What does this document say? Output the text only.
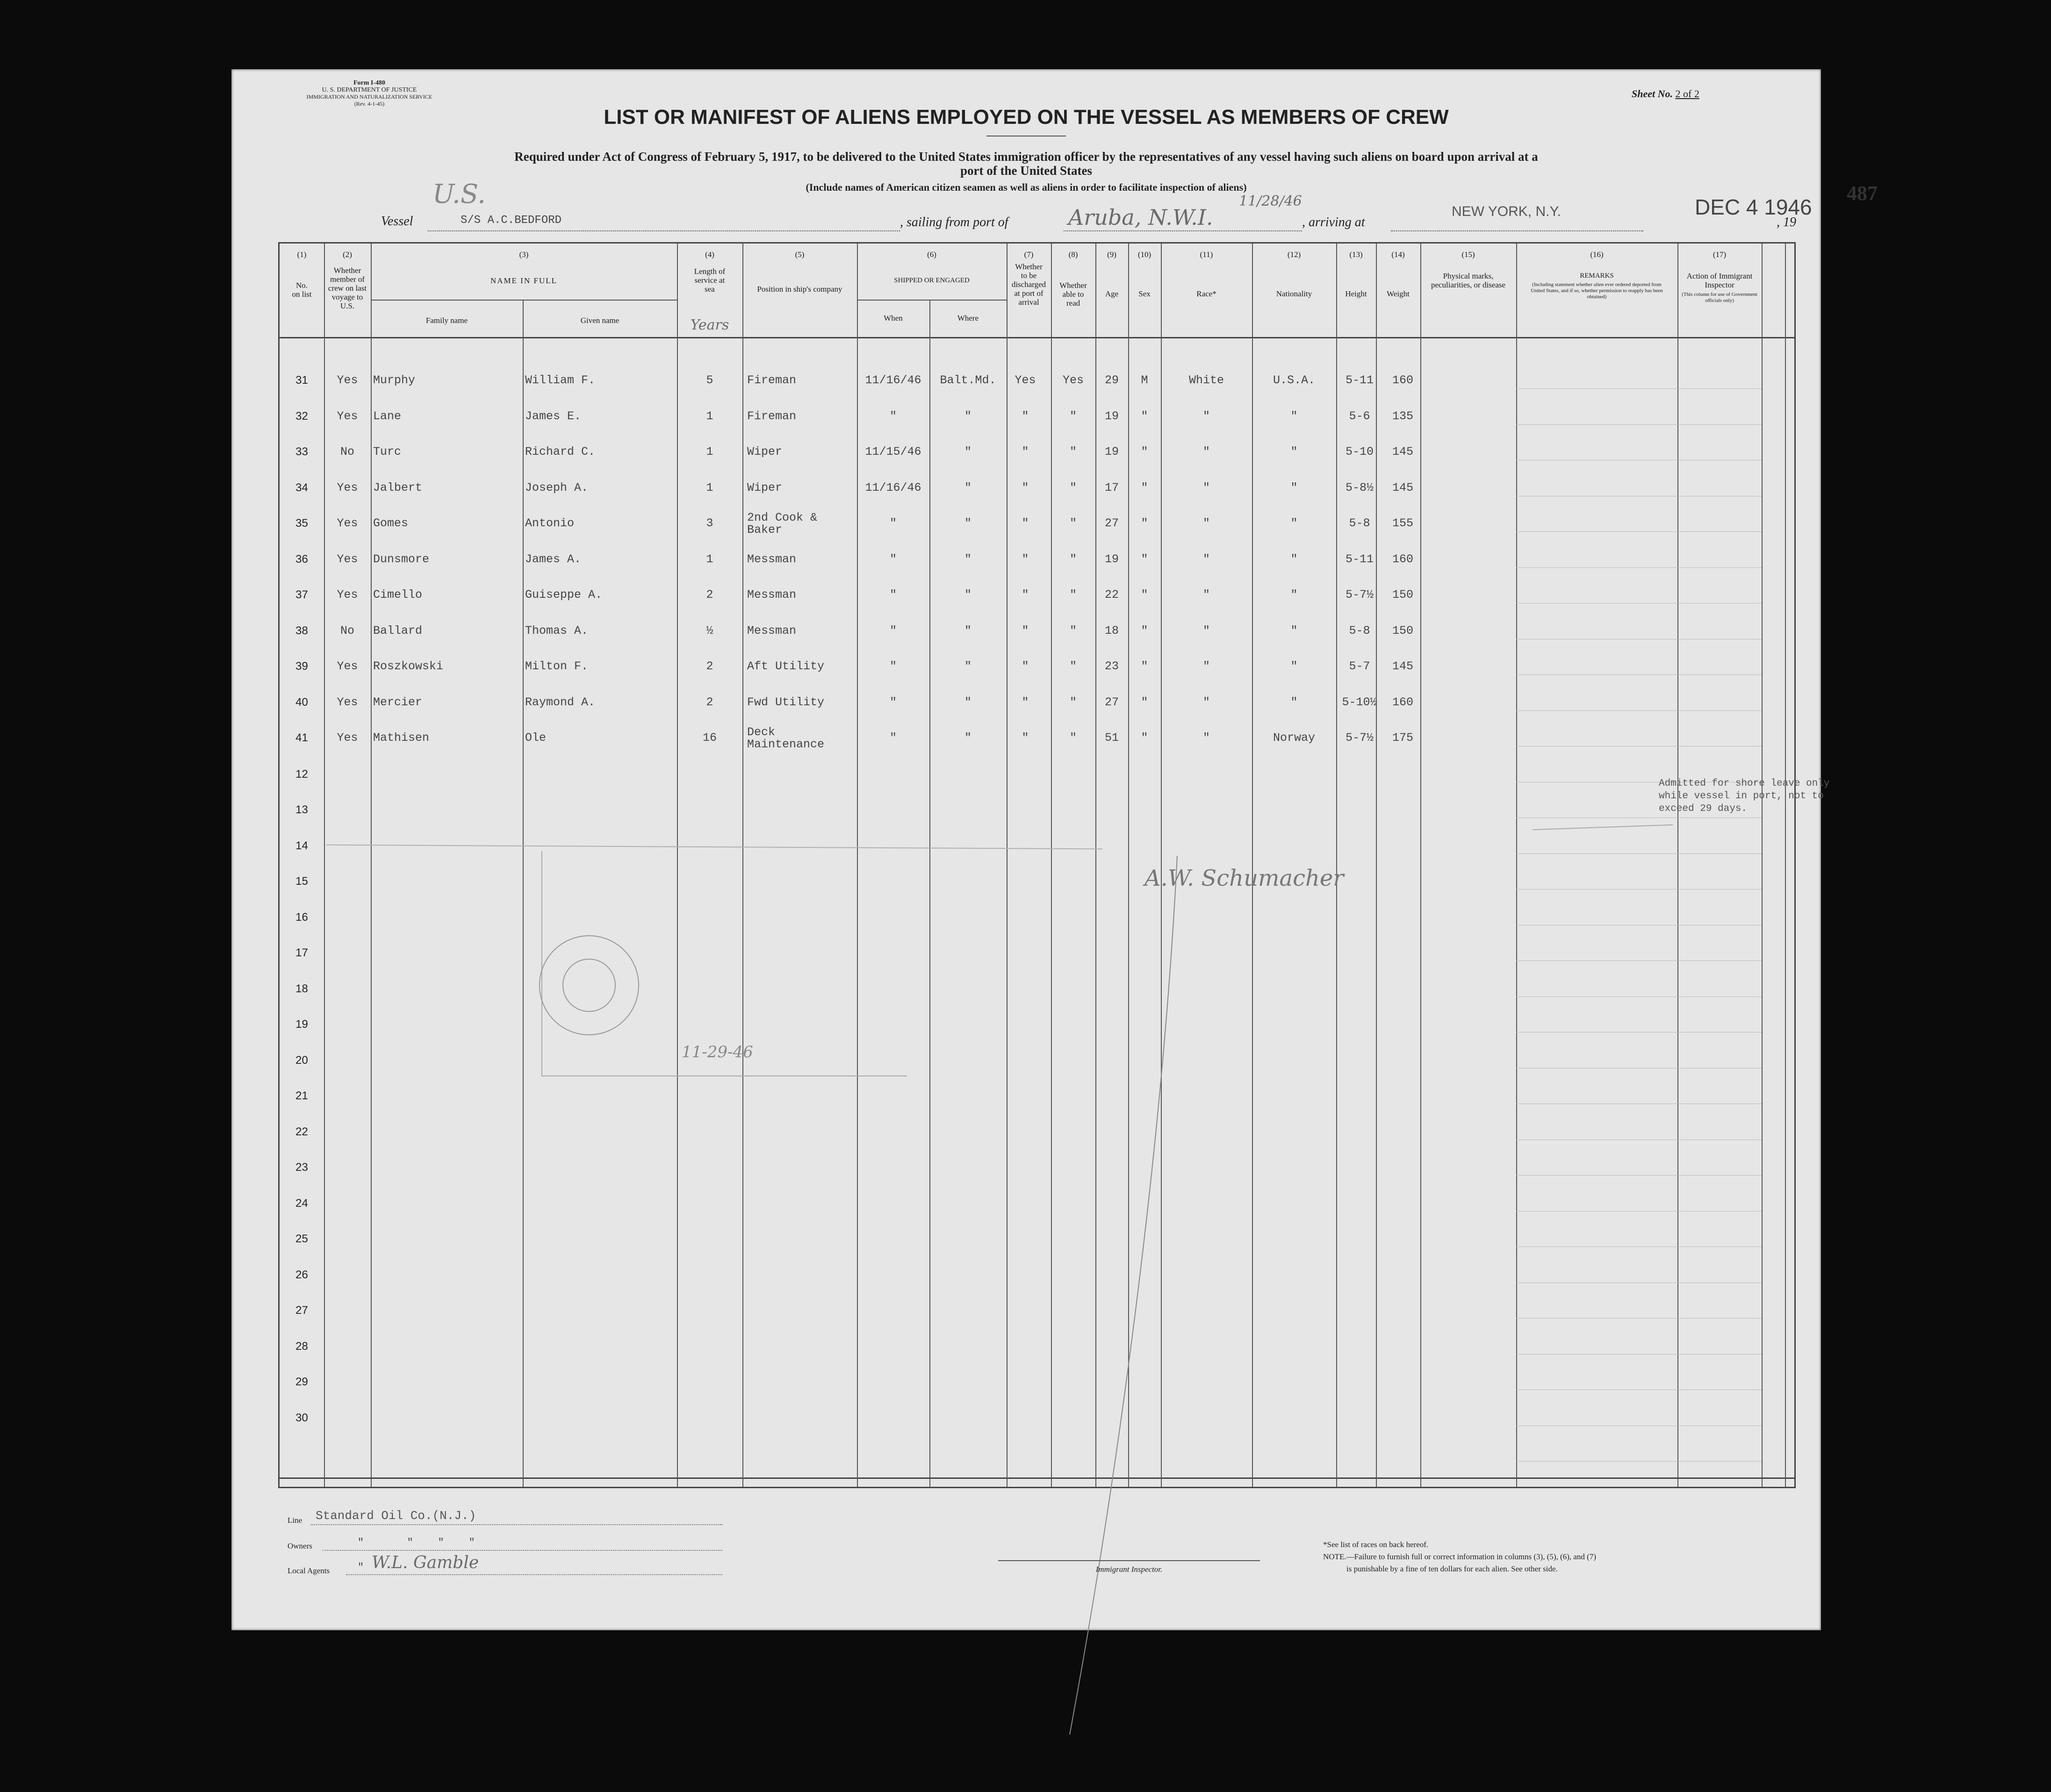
Form I-480
U. S. DEPARTMENT OF JUSTICE
IMMIGRATION AND NATURALIZATION SERVICE
(Rev. 4-1-45)
Sheet No. 2 of 2
LIST OR MANIFEST OF ALIENS EMPLOYED ON THE VESSEL AS MEMBERS OF CREW
Required under Act of Congress of February 5, 1917, to be delivered to the United States immigration officer by the representatives of any vessel having such aliens on board upon arrival at a
port of the United States
(Include names of American citizen seamen as well as aliens in order to facilitate inspection of aliens)
U.S.
Vessel	S/S A.C.BEDFORD	, sailing from port of	Aruba, N.W.I.
11/28/46
, arriving at
NEW YORK, N.Y.	DEC 4 1946
, 19
487
(1)	(2)	(3)	(4)	(5)	(6)	(7)	(8)	(9)	(10)	(11)	(12)	(13)	(14)	(15)	(16)	(17)
No. on list
Whether member of crew on last voyage to U.S.
NAME IN FULL
Family name	Given name
Length of service at sea
Years
Position in ship's company
SHIPPED OR ENGAGED
When	Where
Whether to be discharged at port of arrival
Whether able to read
Age	Sex	Race*	Nationality	Height	Weight
Physical marks, peculiarities, or disease
REMARKS
(Including statement whether alien ever ordered deported from United States, and if so, whether permission to reapply has been obtained)
Action of Immigrant Inspector
(This column for use of Government officials only)
31	Yes	Murphy	William F.	5	Fireman	11/16/46	Balt.Md.	Yes	Yes	29	M	White	U.S.A.	5-11	160
32	Yes	Lane	James E.	1	Fireman	"	"	"	"	19	"	"	"	5-6	135
33	No	Turc	Richard C.	1	Wiper	11/15/46	"	"	"	19	"	"	"	5-10	145
34	Yes	Jalbert	Joseph A.	1	Wiper	11/16/46	"	"	"	17	"	"	"	5-8½	145
35	Yes	Gomes	Antonio	3	2nd Cook & Baker	"	"	"	"	27	"	"	"	5-8	155
36	Yes	Dunsmore	James A.	1	Messman	"	"	"	"	19	"	"	"	5-11	160
37	Yes	Cimello	Guiseppe A.	2	Messman	"	"	"	"	22	"	"	"	5-7½	150
38	No	Ballard	Thomas A.	½	Messman	"	"	"	"	18	"	"	"	5-8	150
39	Yes	Roszkowski	Milton F.	2	Aft Utility	"	"	"	"	23	"	"	"	5-7	145
40	Yes	Mercier	Raymond A.	2	Fwd Utility	"	"	"	"	27	"	"	"	5-10½	160
41	Yes	Mathisen	Ole	16	Deck Maintenance	"	"	"	"	51	"	"	Norway	5-7½	175
12
13
14
15
16
17
18
19
20
21
22
23
24
25
26
27
28
29
30
Admitted for shore leave only while vessel in port, not to exceed 29 days.
A.W. Schumacher
11-29-46
Line Standard Oil Co.(N.J.)
Owners	"       "    "    "
Local Agents	" W.L. Gamble	Immigrant Inspector.
*See list of races on back hereof.
NOTE.—Failure to furnish full or correct information in columns (3), (5), (6), and (7)
is punishable by a fine of ten dollars for each alien. See other side.
